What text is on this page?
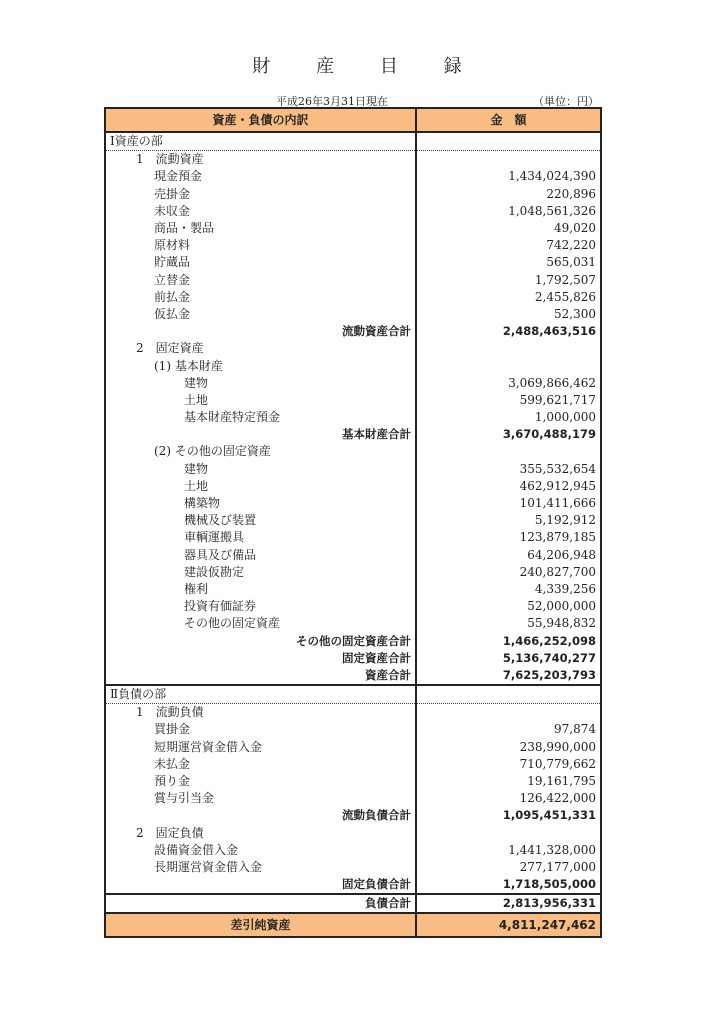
財 産 目 録
平成26年3月31日現在	（単位：円）
資産・負債の内訳	金　額
Ⅰ資産の部	
1　流動資産	
現金預金	1,434,024,390
売掛金	220,896
未収金	1,048,561,326
商品・製品	49,020
原材料	742,220
貯蔵品	565,031
立替金	1,792,507
前払金	2,455,826
仮払金	52,300
流動資産合計	2,488,463,516
2　固定資産	
(1) 基本財産	
建物	3,069,866,462
土地	599,621,717
基本財産特定預金	1,000,000
基本財産合計	3,670,488,179
(2) その他の固定資産	
建物	355,532,654
土地	462,912,945
構築物	101,411,666
機械及び装置	5,192,912
車輌運搬具	123,879,185
器具及び備品	64,206,948
建設仮勘定	240,827,700
権利	4,339,256
投資有価証券	52,000,000
その他の固定資産	55,948,832
その他の固定資産合計	1,466,252,098
固定資産合計	5,136,740,277
資産合計	7,625,203,793
Ⅱ負債の部	
1　流動負債	
買掛金	97,874
短期運営資金借入金	238,990,000
未払金	710,779,662
預り金	19,161,795
賞与引当金	126,422,000
流動負債合計	1,095,451,331
2　固定負債	
設備資金借入金	1,441,328,000
長期運営資金借入金	277,177,000
固定負債合計	1,718,505,000
負債合計	2,813,956,331
差引純資産	4,811,247,462
